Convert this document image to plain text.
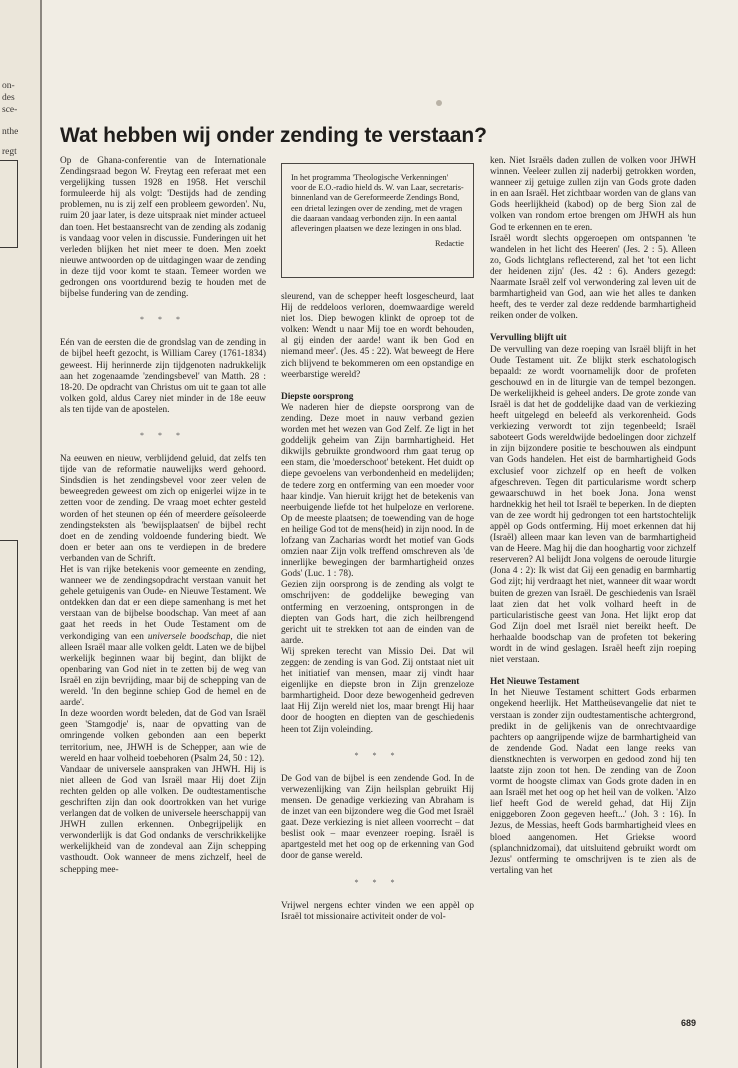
on-
des
sce-
nthe
regt
Wat hebben wij onder zending te verstaan?

In het programma 'Theologische Verkenningen' voor de E.O.-radio hield ds. W. van Laar, secretaris-binnenland van de Gereformeerde Zendings Bond, een drietal lezingen over de zending, met de vragen die daaraan vandaag verbonden zijn. In een aantal afleveringen plaatsen we deze lezingen in ons blad.

Redactie

Op de Ghana-conferentie van de Internationale Zendingsraad begon W. Freytag een referaat met een vergelijking tussen 1928 en 1958. Het verschil formuleerde hij als volgt: 'Destijds had de zending problemen, nu is zij zelf een probleem geworden'. Nu, ruim 20 jaar later, is deze uitspraak niet minder actueel dan toen. Het bestaansrecht van de zending als zodanig is vandaag voor velen in discussie. Funderingen uit het verleden blijken het niet meer te doen. Men zoekt nieuwe antwoorden op de uitdagingen waar de zending in deze tijd voor komt te staan. Temeer worden we gedrongen ons voortdurend bezig te houden met de bijbelse fundering van de zending.

* * *

Eén van de eersten die de grondslag van de zending in de bijbel heeft gezocht, is William Carey (1761-1834) geweest. Hij herinnerde zijn tijdgenoten nadrukkelijk aan het zogenaamde 'zendingsbevel' van Matth. 28 : 18-20. De opdracht van Christus om uit te gaan tot alle volken gold, aldus Carey niet minder in de 18e eeuw als ten tijde van de apostelen.

* * *

Na eeuwen en nieuw, verblijdend geluid, dat zelfs ten tijde van de reformatie nauwelijks werd gehoord. Sindsdien is het zendingsbevel voor zeer velen de beweegreden geweest om zich op enigerlei wijze in te zetten voor de zending. De vraag moet echter gesteld worden of het steunen op één of meerdere geïsoleerde zendingsteksten als 'bewijsplaatsen' de bijbel recht doet en de zending voldoende fundering biedt. We doen er beter aan ons te verdiepen in de bredere verbanden van de Schrift.

Het is van rijke betekenis voor gemeente en zending, wanneer we de zendingsopdracht verstaan vanuit het gehele getuigenis van Oude- en Nieuwe Testament. We ontdekken dan dat er een diepe samenhang is met het verstaan van de bijbelse boodschap. Van meet af aan gaat het reeds in het Oude Testament om de verkondiging van een universele boodschap, die niet alleen Israël maar alle volken geldt. Laten we de bijbel werkelijk beginnen waar bij begint, dan blijkt de openbaring van God niet in te zetten bij de weg van Israël en zijn bevrijding, maar bij de schepping van de wereld. 'In den beginne schiep God de hemel en de aarde'.

In deze woorden wordt beleden, dat de God van Israël geen 'Stamgodje' is, naar de opvatting van de omringende volken gebonden aan een beperkt territorium, nee, JHWH is de Schepper, aan wie de wereld en haar volheid toebehoren (Psalm 24, 50 : 12).

Vandaar de universele aanspraken van JHWH. Hij is niet alleen de God van Israël maar Hij doet Zijn rechten gelden op alle volken. De oudtestamentische geschriften zijn dan ook doortrokken van het vurige verlangen dat de volken de universele heerschappij van JHWH zullen erkennen. Onbegrijpelijk en verwonderlijk is dat God ondanks de verschrikkelijke werkelijkheid van de zondeval aan Zijn schepping vasthoudt. Ook wanneer de mens zichzelf, heel de schepping mee-

sleurend, van de schepper heeft losgescheurd, laat Hij de reddeloos verloren, doemwaardige wereld niet los. Diep bewogen klinkt de oproep tot de volken: Wendt u naar Mij toe en wordt behouden, al gij einden der aarde! want ik ben God en niemand meer'. (Jes. 45 : 22). Wat beweegt de Here zich blijvend te bekommeren om een opstandige en weerbarstige wereld?

Diepste oorsprong

We naderen hier de diepste oorsprong van de zending. Deze moet in nauw verband gezien worden met het wezen van God Zelf. Ze ligt in het goddelijk geheim van Zijn barmhartigheid. Het dikwijls gebruikte grondwoord rhm gaat terug op een stam, die 'moederschoot' betekent. Het duidt op diepe gevoelens van verbondenheid en medelijden; de tedere zorg en ontferming van een moeder voor haar kindje. Van hieruit krijgt het de betekenis van neerbuigende liefde tot het hulpeloze en verlorene. Op de meeste plaatsen; de toewending van de hoge en heilige God tot de mens(heid) in zijn nood. In de lofzang van Zacharias wordt het motief van Gods omzien naar Zijn volk treffend omschreven als 'de innerlijke bewegingen der barmhartigheid onzes Gods' (Luc. 1 : 78).

Gezien zijn oorsprong is de zending als volgt te omschrijven: de goddelijke beweging van ontferming en verzoening, ontsprongen in de diepten van Gods hart, die zich heilbrengend gericht uit te strekken tot aan de einden van de aarde.

Wij spreken terecht van Missio Dei. Dat wil zeggen: de zending is van God. Zij ontstaat niet uit het initiatief van mensen, maar zij vindt haar eigenlijke en diepste bron in Zijn grenzeloze barmhartigheid. Door deze bewogenheid gedreven laat Hij Zijn wereld niet los, maar brengt Hij haar door de hoogten en diepten van de geschiedenis heen tot Zijn voleinding.

* * *

De God van de bijbel is een zendende God. In de verwezenlijking van Zijn heilsplan gebruikt Hij mensen. De genadige verkiezing van Abraham is de inzet van een bijzondere weg die God met Israël gaat. Deze verkiezing is niet alleen voorrecht – dat beslist ook – maar evenzeer roeping. Israël is apartgesteld met het oog op de erkenning van God door de ganse wereld.

* * *

Vrijwel nergens echter vinden we een appèl op Israël tot missionaire activiteit onder de vol-

ken. Niet Israëls daden zullen de volken voor JHWH winnen. Veeleer zullen zij naderbij getrokken worden, wanneer zij getuige zullen zijn van Gods grote daden in en aan Israël. Het zichtbaar worden van de glans van Gods heerlijkheid (kabod) op de berg Sion zal de volken van rondom ertoe brengen om JHWH als hun God te erkennen en te eren.

Israël wordt slechts opgeroepen om ontspannen 'te wandelen in het licht des Heeren' (Jes. 2 : 5). Alleen zo, Gods lichtglans reflecterend, zal het 'tot een licht der heidenen zijn' (Jes. 42 : 6). Anders gezegd: Naarmate Israël zelf vol verwondering zal leven uit de barmhartigheid van God, aan wie het alles te danken heeft, des te verder zal deze reddende barmhartigheid reiken onder de volken.

Vervulling blijft uit

De vervulling van deze roeping van Israël blijft in het Oude Testament uit. Ze blijkt sterk eschatologisch bepaald: ze wordt voornamelijk door de profeten geschouwd en in de liturgie van de tempel bezongen. De werkelijkheid is geheel anders. De grote zonde van Israël is dat het de goddelijke daad van de verkiezing heeft uitgelegd en beleefd als verkorenheid. Gods verkiezing verwordt tot zijn tegenbeeld; Israël saboteert Gods wereldwijde bedoelingen door zichzelf in zijn bijzondere positie te beschouwen als eindpunt van Gods handelen. Het eist de barmhartigheid Gods exclusief voor zichzelf op en heeft de volken afgeschreven. Tegen dit particularisme wordt scherp gewaarschuwd in het boek Jona. Jona wenst hardnekkig het heil tot Israël te beperken. In de diepten van de zee wordt hij gedrongen tot een hartstochtelijk appèl op Gods ontferming. Hij moet erkennen dat hij (Israël) alleen maar kan leven van de barmhartigheid van de Heere. Mag hij die dan hooghartig voor zichzelf reserveren? Al belijdt Jona volgens de oeroude liturgie (Jona 4 : 2): Ik wist dat Gij een genadig en barmhartig God zijt; hij verdraagt het niet, wanneer dit waar wordt buiten de grezen van Israël. De geschiedenis van Israël laat zien dat het volk volhard heeft in de particularistische geest van Jona. Het lijkt erop dat God Zijn doel met Israël niet bereikt heeft. De herhaalde boodschap van de profeten tot bekering wordt in de wind geslagen. Israël heeft zijn roeping niet verstaan.

Het Nieuwe Testament

In het Nieuwe Testament schittert Gods erbarmen ongekend heerlijk. Het Mattheüsevangelie dat niet te verstaan is zonder zijn oudtestamentische achtergrond, predikt in de gelijkenis van de onrechtvaardige pachters op aangrijpende wijze de barmhartigheid van de zendende God. Nadat een lange reeks van dienstknechten is verworpen en gedood zond hij ten laatste zijn zoon tot hen. De zending van de Zoon vormt de hoogste climax van Gods grote daden in en aan Israël met het oog op het heil van de volken. 'Alzo lief heeft God de wereld gehad, dat Hij Zijn eniggeboren Zoon gegeven heeft...' (Joh. 3 : 16). In Jezus, de Messias, heeft Gods barmhartigheid vlees en bloed aangenomen. Het Griekse woord (splanchnidzomai), dat uitsluitend gebruikt wordt om Jezus' ontferming te omschrijven is te zien als de vertaling van het

689
